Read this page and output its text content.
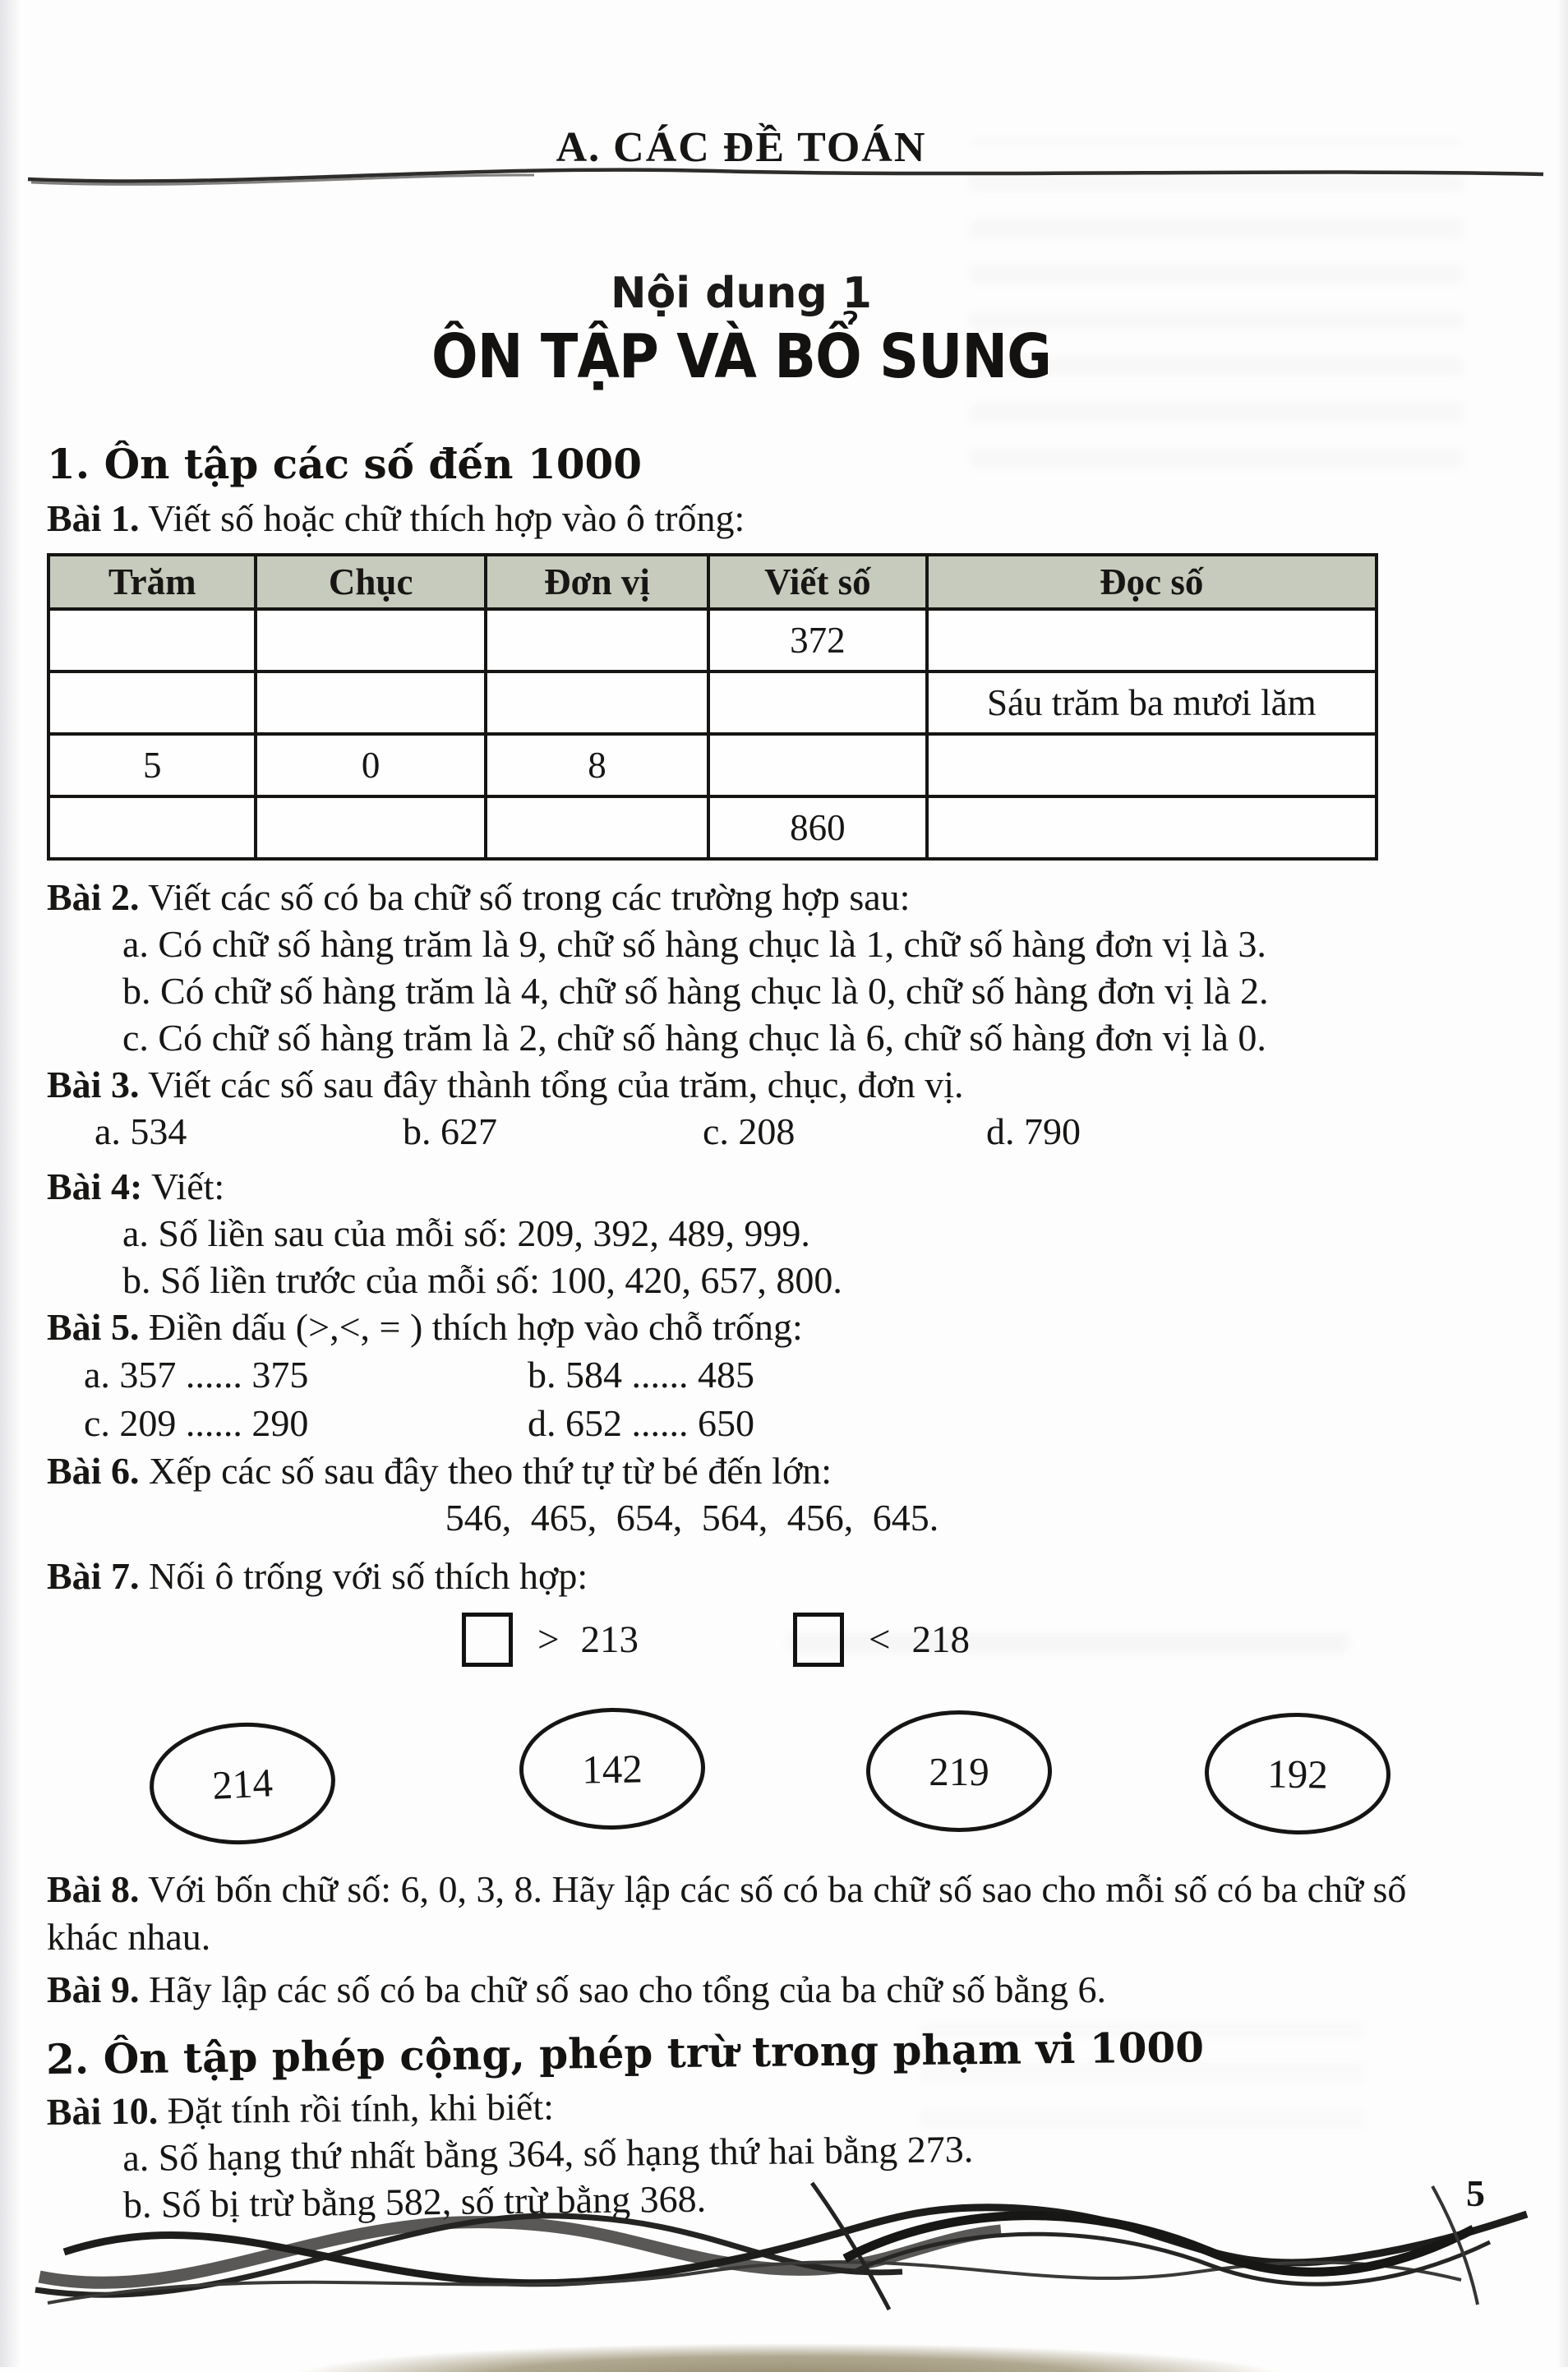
A. CÁC ĐỀ TOÁN
Nội dung 1
ÔN TẬP VÀ BỔ SUNG
1. Ôn tập các số đến 1000

Bài 1. Viết số hoặc chữ thích hợp vào ô trống:

Trăm	Chục	Đơn vị	Viết số	Đọc số
			372	
				Sáu trăm ba mươi lăm
5	0	8		
			860	

Bài 2. Viết các số có ba chữ số trong các trường hợp sau:

a. Có chữ số hàng trăm là 9, chữ số hàng chục là 1, chữ số hàng đơn vị là 3.

b. Có chữ số hàng trăm là 4, chữ số hàng chục là 0, chữ số hàng đơn vị là 2.

c. Có chữ số hàng trăm là 2, chữ số hàng chục là 6, chữ số hàng đơn vị là 0.

Bài 3. Viết các số sau đây thành tổng của trăm, chục, đơn vị.

a. 534	b. 627	c. 208	d. 790

Bài 4: Viết:

a. Số liền sau của mỗi số: 209, 392, 489, 999.

b. Số liền trước của mỗi số: 100, 420, 657, 800.

Bài 5. Điền dấu (>,<, = ) thích hợp vào chỗ trống:

a. 357 ...... 375	b. 584 ...... 485
c. 209 ...... 290	d. 652 ...... 650

Bài 6. Xếp các số sau đây theo thứ tự từ bé đến lớn:

546, 465, 654, 564, 456, 645.

Bài 7. Nối ô trống với số thích hợp:

> 213	< 218
214	142	219	192

Bài 8. Với bốn chữ số: 6, 0, 3, 8. Hãy lập các số có ba chữ số sao cho mỗi số có ba chữ số khác nhau.

Bài 9. Hãy lập các số có ba chữ số sao cho tổng của ba chữ số bằng 6.

2. Ôn tập phép cộng, phép trừ trong phạm vi 1000

Bài 10. Đặt tính rồi tính, khi biết:

a. Số hạng thứ nhất bằng 364, số hạng thứ hai bằng 273.

b. Số bị trừ bằng 582, số trừ bằng 368.	5
